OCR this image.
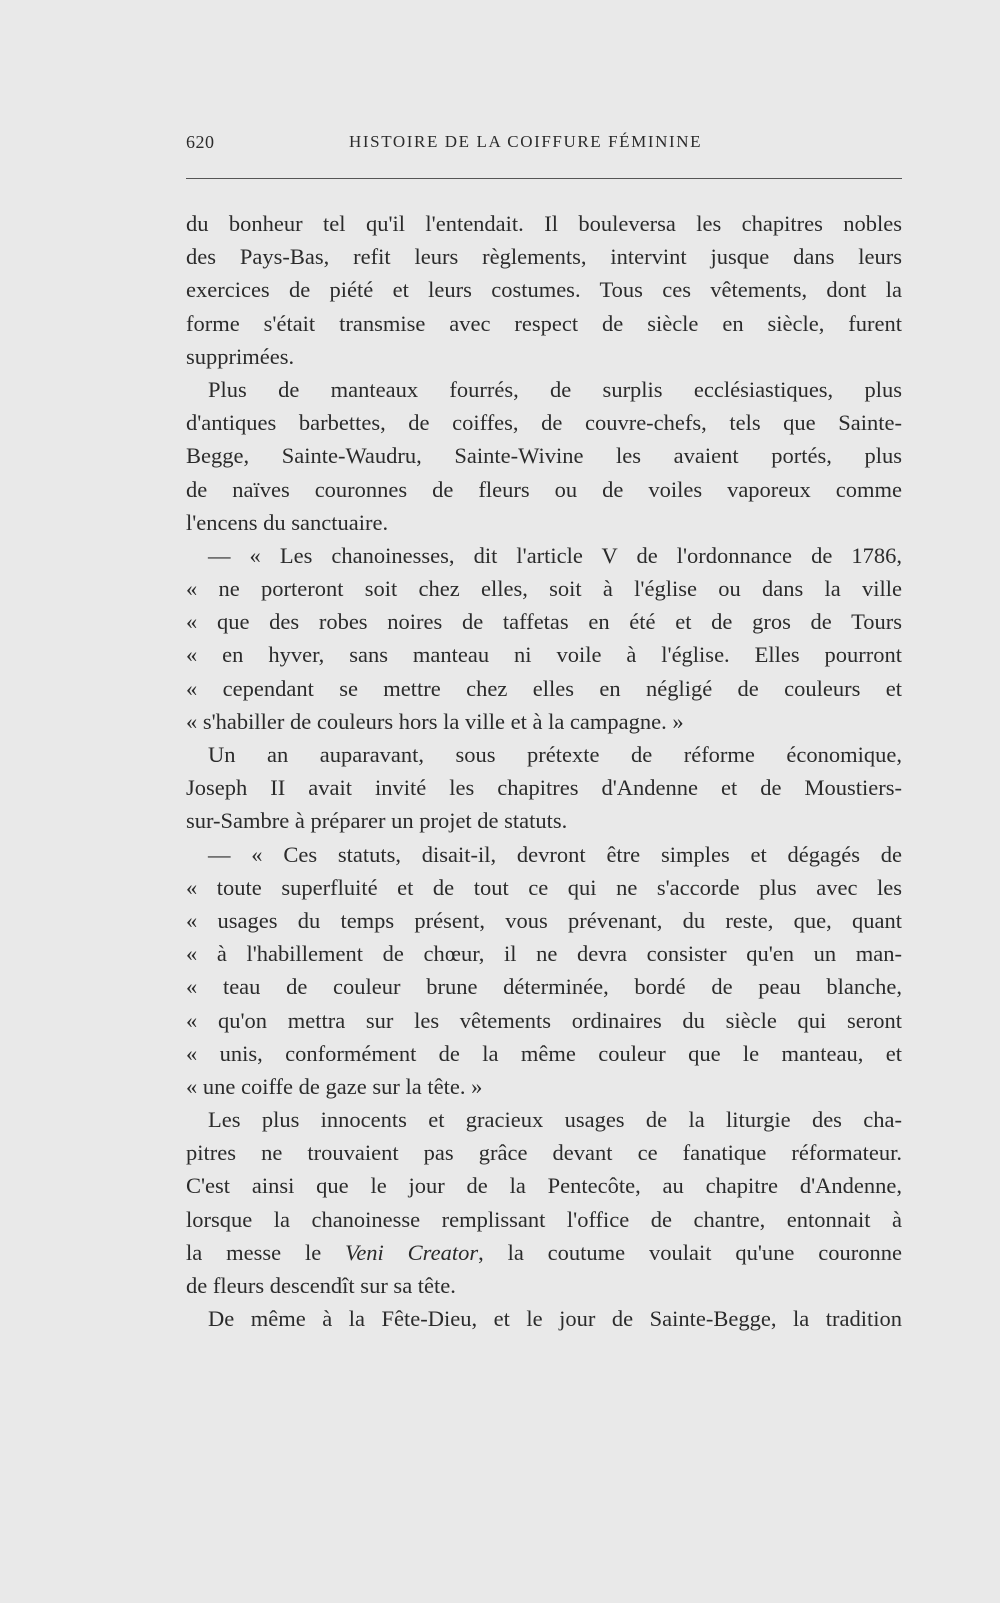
620	HISTOIRE DE LA COIFFURE FÉMININE
du bonheur tel qu'il l'entendait. Il bouleversa les chapitres nobles
des Pays-Bas, refit leurs règlements, intervint jusque dans leurs
exercices de piété et leurs costumes. Tous ces vêtements, dont la
forme s'était transmise avec respect de siècle en siècle, furent
supprimées.
Plus de manteaux fourrés, de surplis ecclésiastiques, plus
d'antiques barbettes, de coiffes, de couvre-chefs, tels que Sainte-
Begge, Sainte-Waudru, Sainte-Wivine les avaient portés, plus
de naïves couronnes de fleurs ou de voiles vaporeux comme
l'encens du sanctuaire.
— « Les chanoinesses, dit l'article V de l'ordonnance de 1786,
« ne porteront soit chez elles, soit à l'église ou dans la ville
« que des robes noires de taffetas en été et de gros de Tours
« en hyver, sans manteau ni voile à l'église. Elles pourront
« cependant se mettre chez elles en négligé de couleurs et
« s'habiller de couleurs hors la ville et à la campagne. »
Un an auparavant, sous prétexte de réforme économique,
Joseph II avait invité les chapitres d'Andenne et de Moustiers-
sur-Sambre à préparer un projet de statuts.
— « Ces statuts, disait-il, devront être simples et dégagés de
« toute superfluité et de tout ce qui ne s'accorde plus avec les
« usages du temps présent, vous prévenant, du reste, que, quant
« à l'habillement de chœur, il ne devra consister qu'en un man-
« teau de couleur brune déterminée, bordé de peau blanche,
« qu'on mettra sur les vêtements ordinaires du siècle qui seront
« unis, conformément de la même couleur que le manteau, et
« une coiffe de gaze sur la tête. »
Les plus innocents et gracieux usages de la liturgie des cha-
pitres ne trouvaient pas grâce devant ce fanatique réformateur.
C'est ainsi que le jour de la Pentecôte, au chapitre d'Andenne,
lorsque la chanoinesse remplissant l'office de chantre, entonnait à
la messe le Veni Creator, la coutume voulait qu'une couronne
de fleurs descendît sur sa tête.
De même à la Fête-Dieu, et le jour de Sainte-Begge, la tradition
